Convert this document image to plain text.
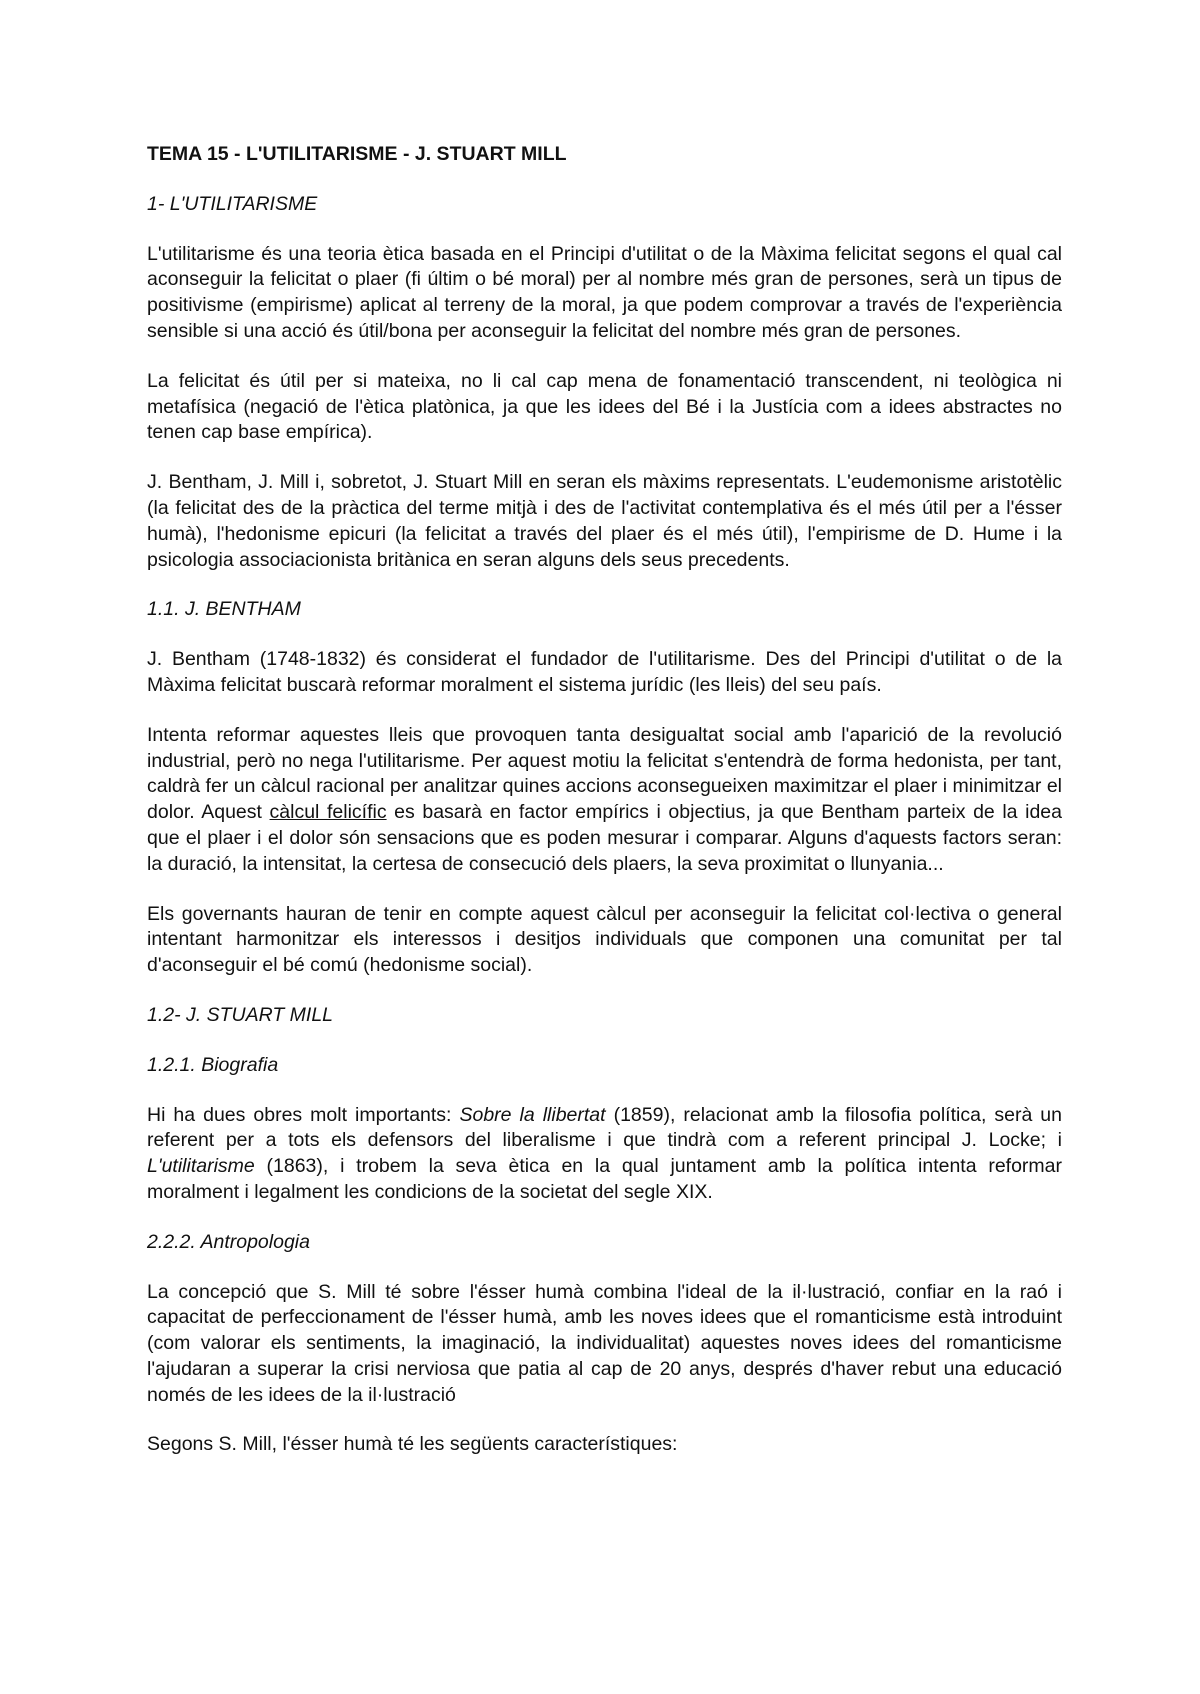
TEMA 15 - L'UTILITARISME - J. STUART MILL
1- L'UTILITARISME
L'utilitarisme és una teoria ètica basada en el Principi d'utilitat o de la Màxima felicitat segons el qual cal aconseguir la felicitat o plaer (fi últim o bé moral) per al nombre més gran de persones, serà un tipus de positivisme (empirisme) aplicat al terreny de la moral, ja que podem comprovar a través de l'experiència sensible si una acció és útil/bona per aconseguir la felicitat del nombre més gran de persones.
La felicitat és útil per si mateixa, no li cal cap mena de fonamentació transcendent, ni teològica ni metafísica (negació de l'ètica platònica, ja que les idees del Bé i la Justícia com a idees abstractes no tenen cap base empírica).
J. Bentham, J. Mill i, sobretot, J. Stuart Mill en seran els màxims representats. L'eudemonisme aristotèlic (la felicitat des de la pràctica del terme mitjà i des de l'activitat contemplativa és el més útil per a l'ésser humà), l'hedonisme epicuri (la felicitat a través del plaer és el més útil), l'empirisme de D. Hume i la psicologia associacionista britànica en seran alguns dels seus precedents.
1.1. J. BENTHAM
J. Bentham (1748-1832) és considerat el fundador de l'utilitarisme. Des del Principi d'utilitat o de la Màxima felicitat buscarà reformar moralment el sistema jurídic (les lleis) del seu país.
Intenta reformar aquestes lleis que provoquen tanta desigualtat social amb l'aparició de la revolució industrial, però no nega l'utilitarisme. Per aquest motiu la felicitat s'entendrà de forma hedonista, per tant, caldrà fer un càlcul racional per analitzar quines accions aconsegueixen maximitzar el plaer i minimitzar el dolor. Aquest càlcul felicífic es basarà en factor empírics i objectius, ja que Bentham parteix de la idea que el plaer i el dolor són sensacions que es poden mesurar i comparar. Alguns d'aquests factors seran: la duració, la intensitat, la certesa de consecució dels plaers, la seva proximitat o llunyania...
Els governants hauran de tenir en compte aquest càlcul per aconseguir la felicitat col·lectiva o general intentant harmonitzar els interessos i desitjos individuals que componen una comunitat per tal d'aconseguir el bé comú (hedonisme social).
1.2- J. STUART MILL
1.2.1. Biografia
Hi ha dues obres molt importants: Sobre la llibertat (1859), relacionat amb la filosofia política, serà un referent per a tots els defensors del liberalisme i que tindrà com a referent principal J. Locke; i L'utilitarisme (1863), i trobem la seva ètica en la qual juntament amb la política intenta reformar moralment i legalment les condicions de la societat del segle XIX.
2.2.2. Antropologia
La concepció que S. Mill té sobre l'ésser humà combina l'ideal de la il·lustració, confiar en la raó i capacitat de perfeccionament de l'ésser humà, amb les noves idees que el romanticisme està introduint (com valorar els sentiments, la imaginació, la individualitat) aquestes noves idees del romanticisme l'ajudaran a superar la crisi nerviosa que patia al cap de 20 anys, després d'haver rebut una educació només de les idees de la il·lustració
Segons S. Mill, l'ésser humà té les següents característiques:
